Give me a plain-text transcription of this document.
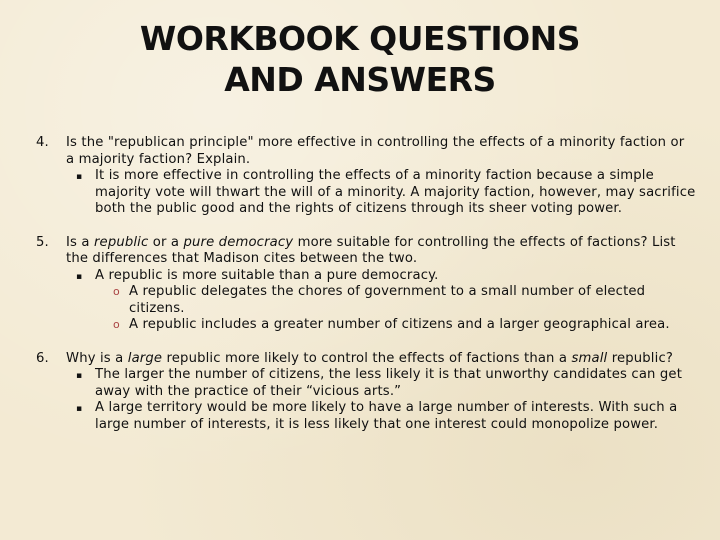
WORKBOOK QUESTIONS
AND ANSWERS
4. Is the "republican principle" more effective in controlling the effects of a minority faction or a majority faction? Explain.
▪ It is more effective in controlling the effects of a minority faction because a simple majority vote will thwart the will of a minority. A majority faction, however, may sacrifice both the public good and the rights of citizens through its sheer voting power.
5. Is a republic or a pure democracy more suitable for controlling the effects of factions? List the differences that Madison cites between the two.
▪ A republic is more suitable than a pure democracy.
o A republic delegates the chores of government to a small number of elected citizens.
o A republic includes a greater number of citizens and a larger geographical area.
6. Why is a large republic more likely to control the effects of factions than a small republic?
▪ The larger the number of citizens, the less likely it is that unworthy candidates can get away with the practice of their “vicious arts.”
▪ A large territory would be more likely to have a large number of interests. With such a large number of interests, it is less likely that one interest could monopolize power.
